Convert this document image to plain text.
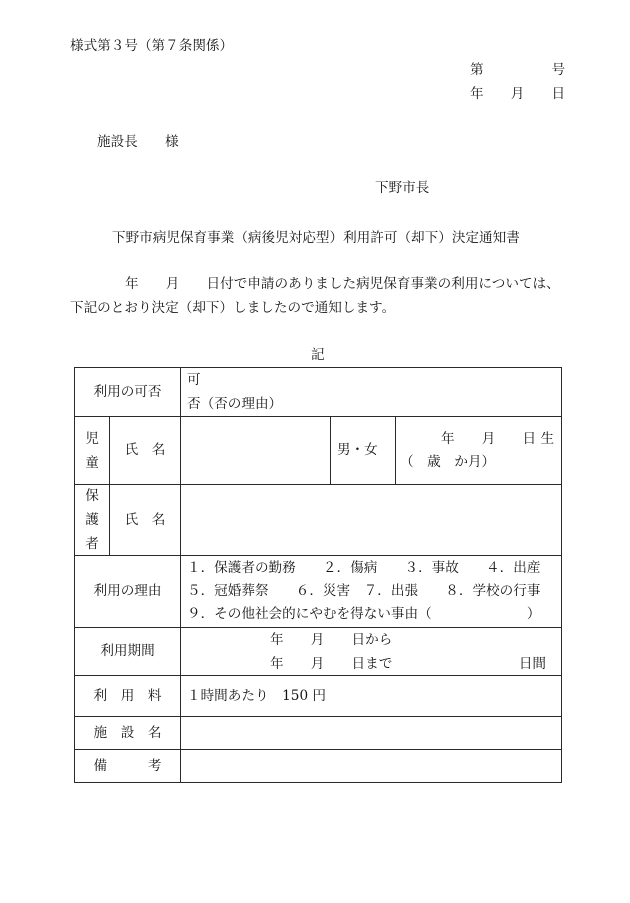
様式第３号（第７条関係）
第　　　　　号
年　　月　　日
施設長　　様
下野市長
下野市病児保育事業（病後児対応型）利用許可（却下）決定通知書
年　　月　　日付で申請のありました病児保育事業の利用については、
下記のとおり決定（却下）しましたので通知します。
記
利用の可否
可
否（否の理由）
児童
氏　名	男・女
年　　月　　日 生
（　歳　か月）
保護者
氏　名
利用の理由
１．保護者の勤務　　２．傷病　　３．事故　　４．出産
５．冠婚葬祭　　６．災害　７．出張　　８．学校の行事
９．その他社会的にやむを得ない事由（　　　　　　　）
利用期間
年　　月　　日から
年　　月　　日まで	日間
利　用　料 １時間あたり　150 円
施　設　名
備　　　考
